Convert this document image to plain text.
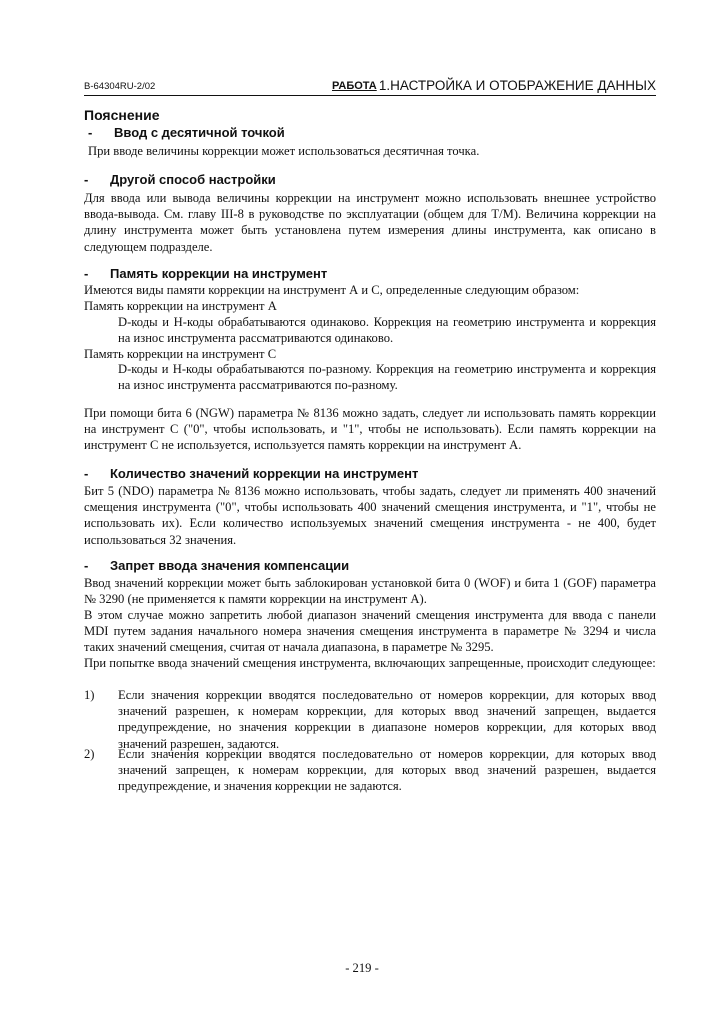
B-64304RU-2/02	РАБОТА 1.НАСТРОЙКА И ОТОБРАЖЕНИЕ ДАННЫХ
Пояснение
- Ввод с десятичной точкой
При вводе величины коррекции может использоваться десятичная точка.
- Другой способ настройки
Для ввода или вывода величины коррекции на инструмент можно использовать внешнее устройство ввода-вывода. См. главу III-8 в руководстве по эксплуатации (общем для Т/М). Величина коррекции на длину инструмента может быть установлена путем измерения длины инструмента, как описано в следующем подразделе.
- Память коррекции на инструмент
Имеются виды памяти коррекции на инструмент А и С, определенные следующим образом:
Память коррекции на инструмент А
D-коды и Н-коды обрабатываются одинаково. Коррекция на геометрию инструмента и коррекция на износ инструмента рассматриваются одинаково.
Память коррекции на инструмент С
D-коды и Н-коды обрабатываются по-разному. Коррекция на геометрию инструмента и коррекция на износ инструмента рассматриваются по-разному.
При помощи бита 6 (NGW) параметра № 8136 можно задать, следует ли использовать память коррекции на инструмент С ("0", чтобы использовать, и "1", чтобы не использовать). Если память коррекции на инструмент С не используется, используется память коррекции на инструмент А.
- Количество значений коррекции на инструмент
Бит 5 (NDO) параметра № 8136 можно использовать, чтобы задать, следует ли применять 400 значений смещения инструмента ("0", чтобы использовать 400 значений смещения инструмента, и "1", чтобы не использовать их). Если количество используемых значений смещения инструмента - не 400, будет использоваться 32 значения.
- Запрет ввода значения компенсации
Ввод значений коррекции может быть заблокирован установкой бита 0 (WOF) и бита 1 (GOF) параметра № 3290 (не применяется к памяти коррекции на инструмент А).
В этом случае можно запретить любой диапазон значений смещения инструмента для ввода с панели MDI путем задания начального номера значения смещения инструмента в параметре № 3294 и числа таких значений смещения, считая от начала диапазона, в параметре № 3295.
При попытке ввода значений смещения инструмента, включающих запрещенные, происходит следующее:
1) Если значения коррекции вводятся последовательно от номеров коррекции, для которых ввод значений разрешен, к номерам коррекции, для которых ввод значений запрещен, выдается предупреждение, но значения коррекции в диапазоне номеров коррекции, для которых ввод значений разрешен, задаются.
2) Если значения коррекции вводятся последовательно от номеров коррекции, для которых ввод значений запрещен, к номерам коррекции, для которых ввод значений разрешен, выдается предупреждение, и значения коррекции не задаются.
- 219 -
